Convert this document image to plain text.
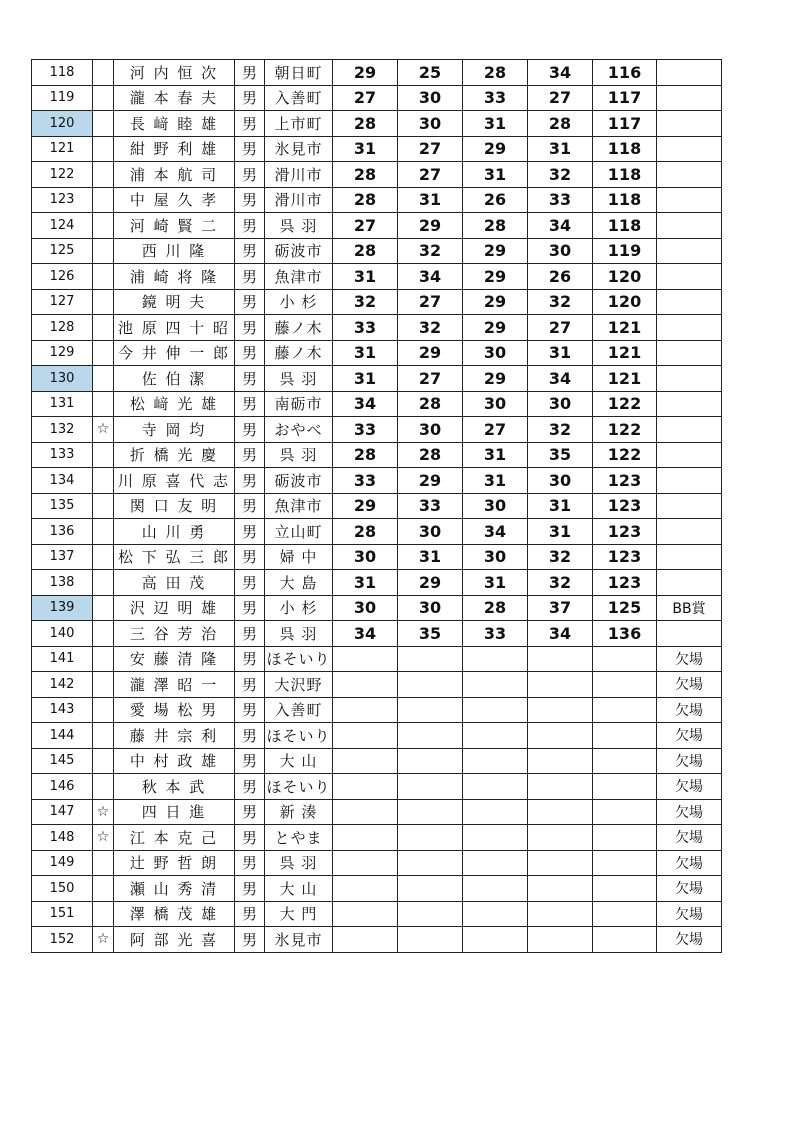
118		河 内 恒 次	男	朝日町	29	25	28	34	116	
119		瀧 本 春 夫	男	入善町	27	30	33	27	117	
120		長 﨑 睦 雄	男	上市町	28	30	31	28	117	
121		紺 野 利 雄	男	氷見市	31	27	29	31	118	
122		浦 本 航 司	男	滑川市	28	27	31	32	118	
123		中 屋 久 孝	男	滑川市	28	31	26	33	118	
124		河 崎 賢 二	男	呉 羽	27	29	28	34	118	
125		西 川 隆	男	砺波市	28	32	29	30	119	
126		浦 崎 将 隆	男	魚津市	31	34	29	26	120	
127		鏡 明 夫	男	小 杉	32	27	29	32	120	
128		池 原 四 十 昭	男	藤ノ木	33	32	29	27	121	
129		今 井 伸 一 郎	男	藤ノ木	31	29	30	31	121	
130		佐 伯 潔	男	呉 羽	31	27	29	34	121	
131		松 﨑 光 雄	男	南砺市	34	28	30	30	122	
132	☆	寺 岡 均	男	おやべ	33	30	27	32	122	
133		折 橋 光 慶	男	呉 羽	28	28	31	35	122	
134		川 原 喜 代 志	男	砺波市	33	29	31	30	123	
135		関 口 友 明	男	魚津市	29	33	30	31	123	
136		山 川 勇	男	立山町	28	30	34	31	123	
137		松 下 弘 三 郎	男	婦 中	30	31	30	32	123	
138		高 田 茂	男	大 島	31	29	31	32	123	
139		沢 辺 明 雄	男	小 杉	30	30	28	37	125	BB賞
140		三 谷 芳 治	男	呉 羽	34	35	33	34	136	
141		安 藤 清 隆	男	ほそいり						欠場
142		瀧 澤 昭 一	男	大沢野						欠場
143		愛 場 松 男	男	入善町						欠場
144		藤 井 宗 利	男	ほそいり						欠場
145		中 村 政 雄	男	大 山						欠場
146		秋 本 武	男	ほそいり						欠場
147	☆	四 日 進	男	新 湊						欠場
148	☆	江 本 克 己	男	とやま						欠場
149		辻 野 哲 朗	男	呉 羽						欠場
150		瀬 山 秀 清	男	大 山						欠場
151		澤 橋 茂 雄	男	大 門						欠場
152	☆	阿 部 光 喜	男	氷見市						欠場
